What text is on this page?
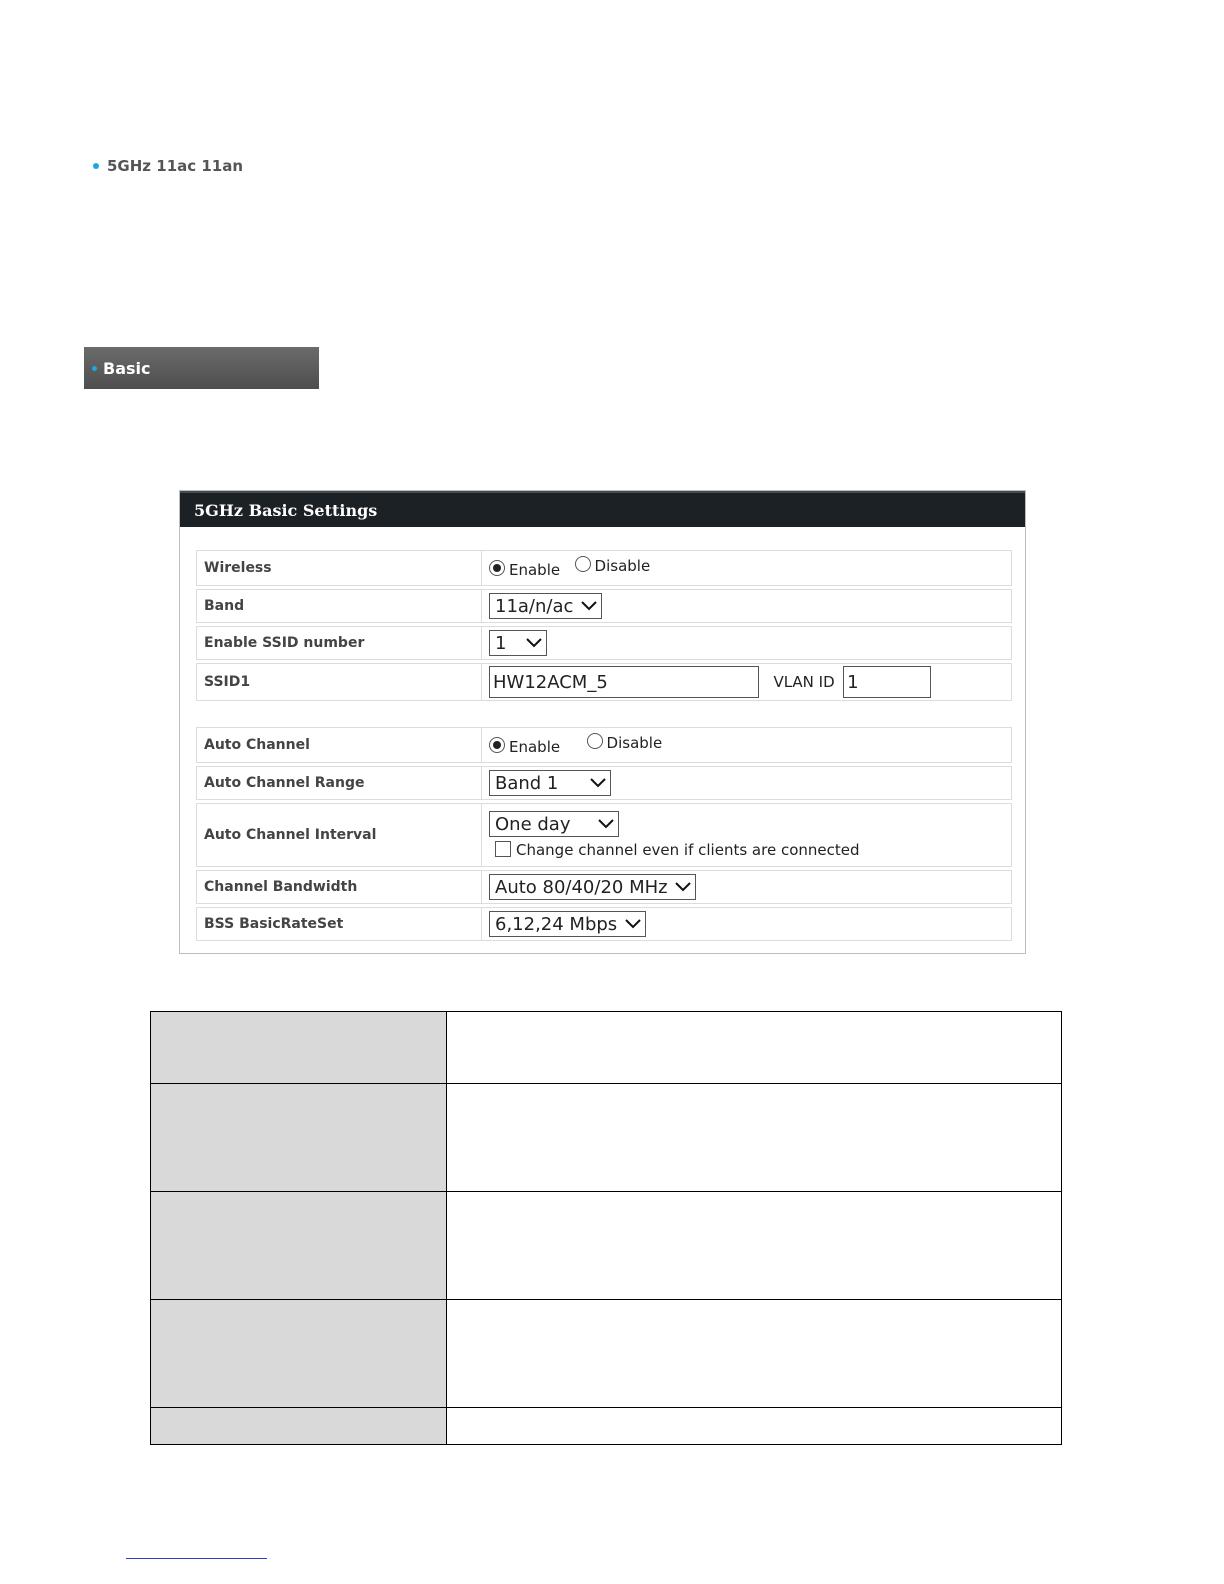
5GHz 11ac 11an
Basic
5GHz Basic Settings
Wireless	Enable
Disable

Band	11a/n/ac

Enable SSID number	1

SSID1	HW12ACM_5 VLAN ID 1
Auto Channel	Enable
Disable

Auto Channel Range	Band 1

Auto Channel Interval	One day
Change channel even if clients are connected

Channel Bandwidth	Auto 80/40/20 MHz

BSS BasicRateSet	6,12,24 Mbps
